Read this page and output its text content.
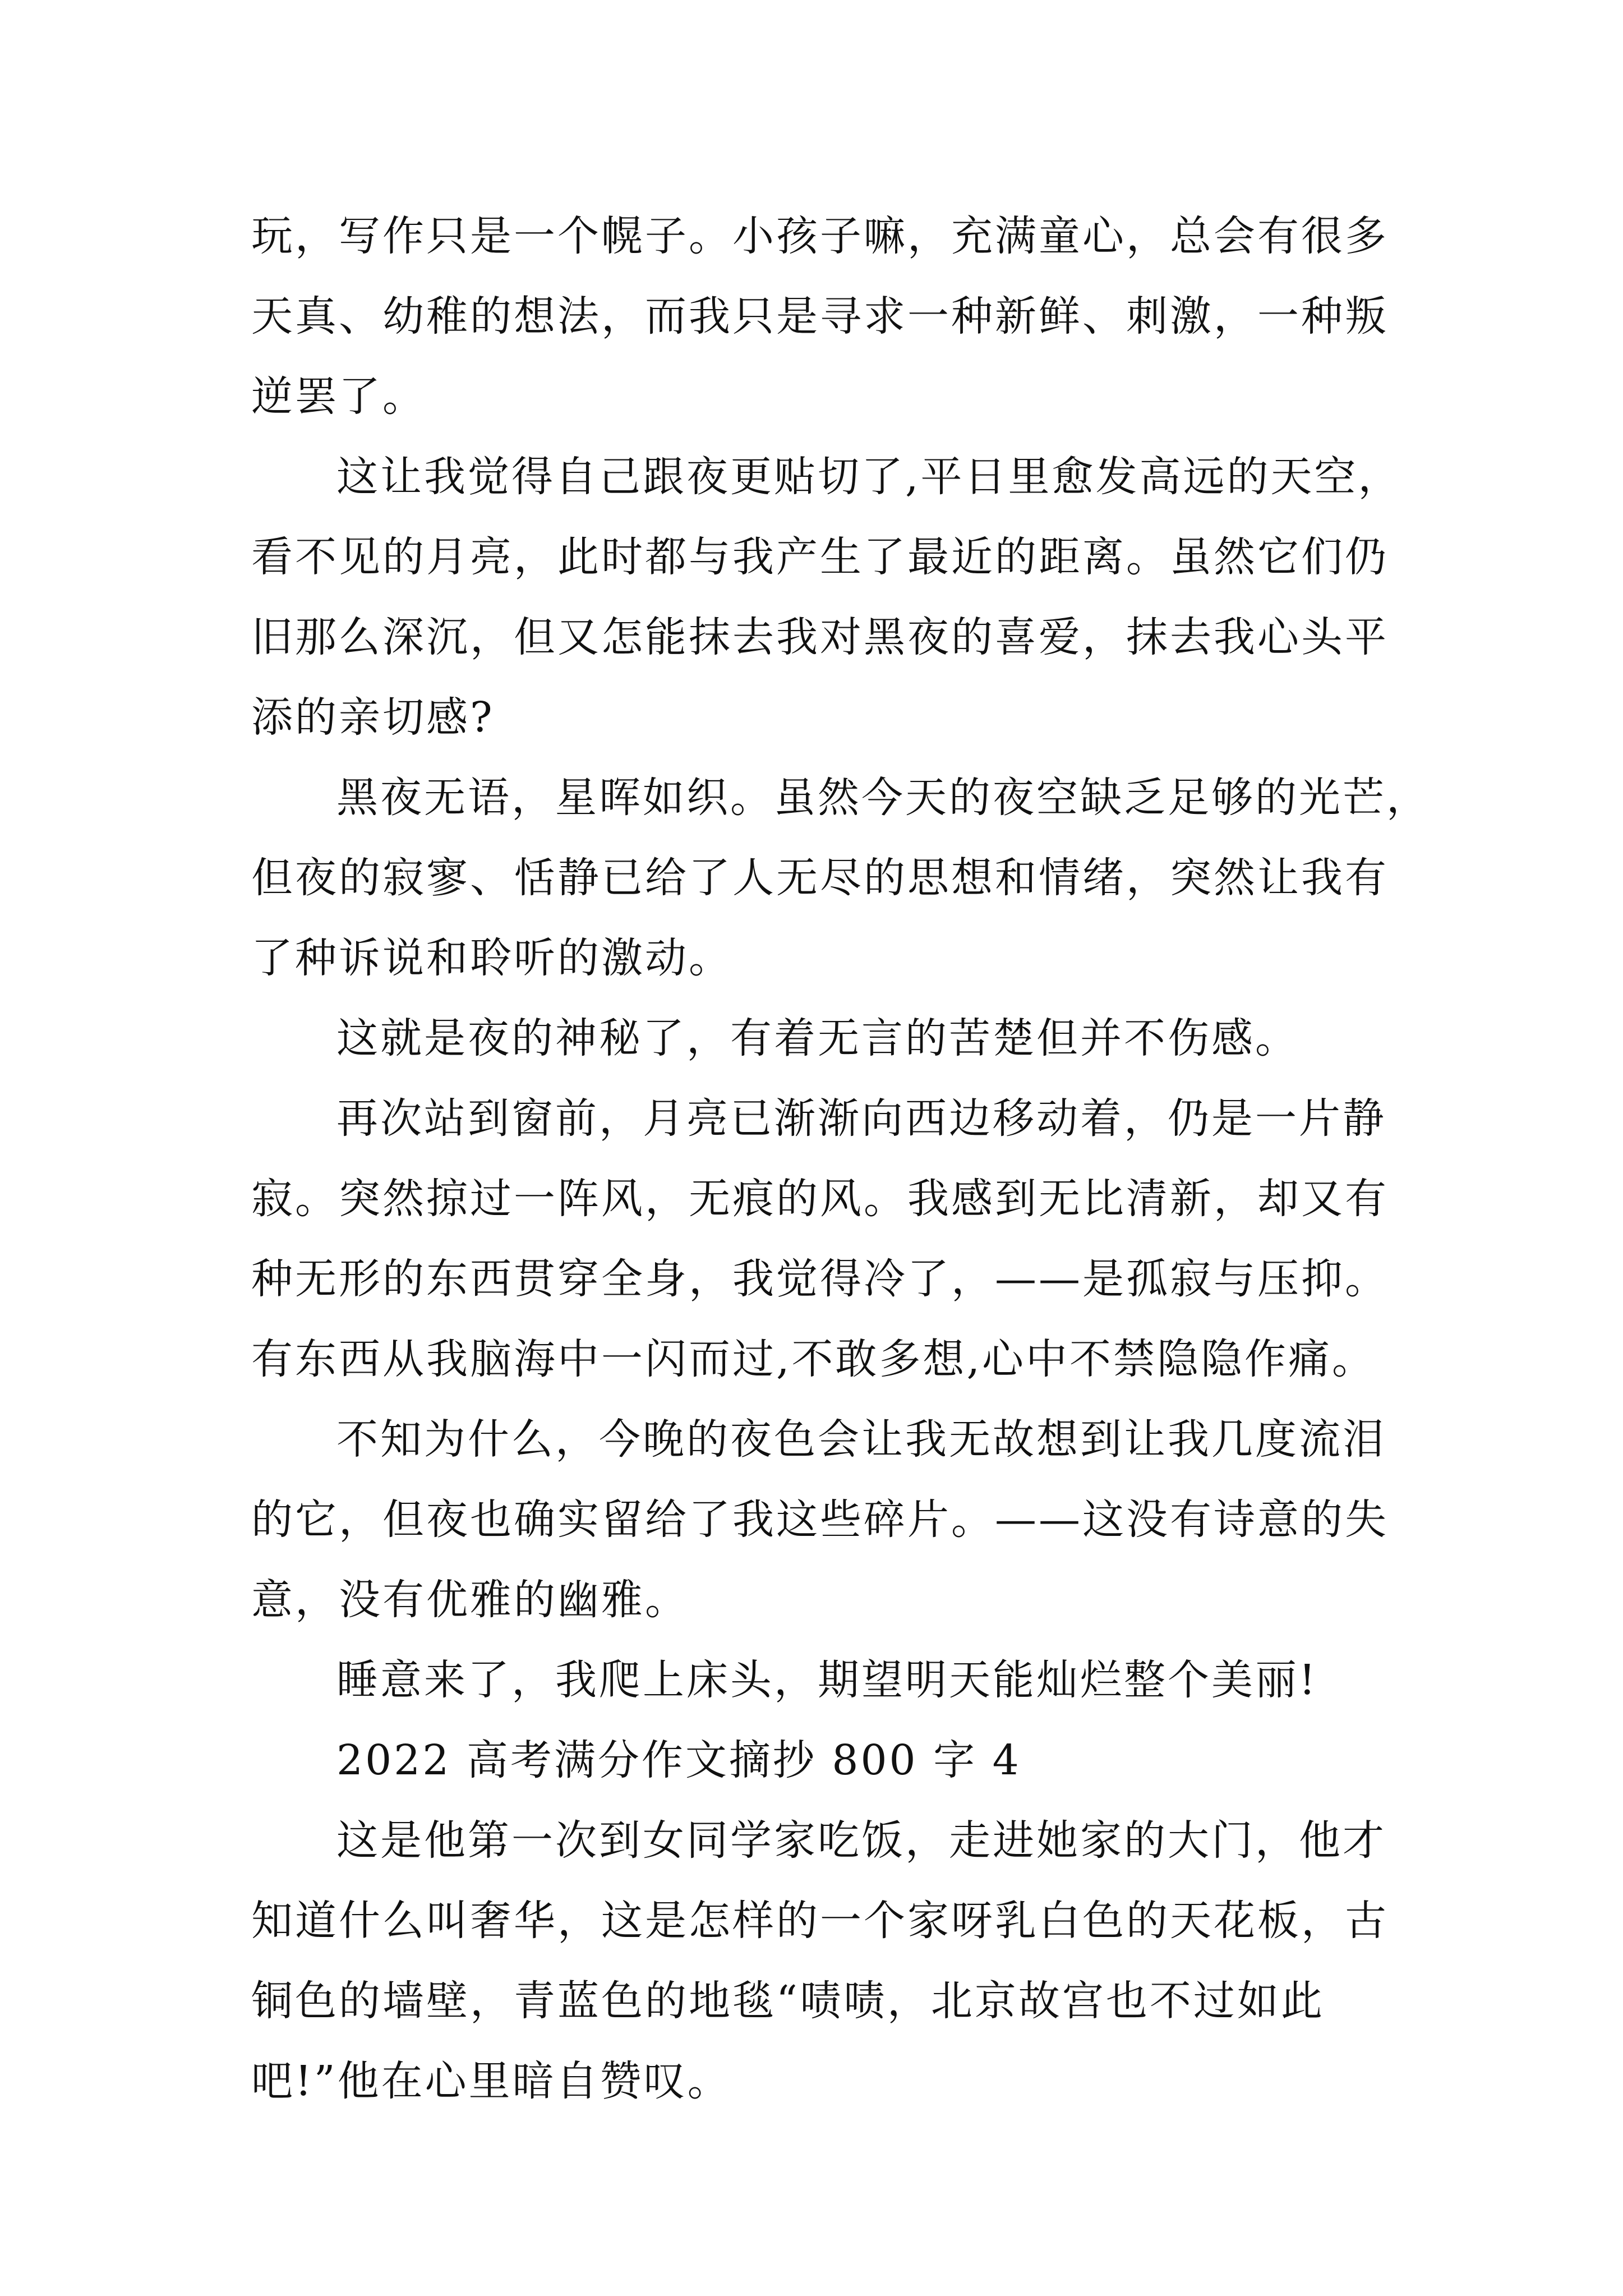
玩，写作只是一个幌子。小孩子嘛，充满童心，总会有很多
天真、幼稚的想法，而我只是寻求一种新鲜、刺激，一种叛
逆罢了。
这让我觉得自己跟夜更贴切了,平日里愈发高远的天空，
看不见的月亮，此时都与我产生了最近的距离。虽然它们仍
旧那么深沉，但又怎能抹去我对黑夜的喜爱，抹去我心头平
添的亲切感?
黑夜无语，星晖如织。虽然今天的夜空缺乏足够的光芒，
但夜的寂寥、恬静已给了人无尽的思想和情绪，突然让我有
了种诉说和聆听的激动。
这就是夜的神秘了，有着无言的苦楚但并不伤感。
再次站到窗前，月亮已渐渐向西边移动着，仍是一片静
寂。突然掠过一阵风，无痕的风。我感到无比清新，却又有
种无形的东西贯穿全身，我觉得冷了，——是孤寂与压抑。
有东西从我脑海中一闪而过,不敢多想,心中不禁隐隐作痛。
不知为什么，今晚的夜色会让我无故想到让我几度流泪
的它，但夜也确实留给了我这些碎片。——这没有诗意的失
意，没有优雅的幽雅。
睡意来了，我爬上床头，期望明天能灿烂整个美丽!
2022 高考满分作文摘抄 800 字 4
这是他第一次到女同学家吃饭，走进她家的大门，他才
知道什么叫奢华，这是怎样的一个家呀乳白色的天花板，古
铜色的墙壁，青蓝色的地毯“啧啧，北京故宫也不过如此
吧!”他在心里暗自赞叹。
